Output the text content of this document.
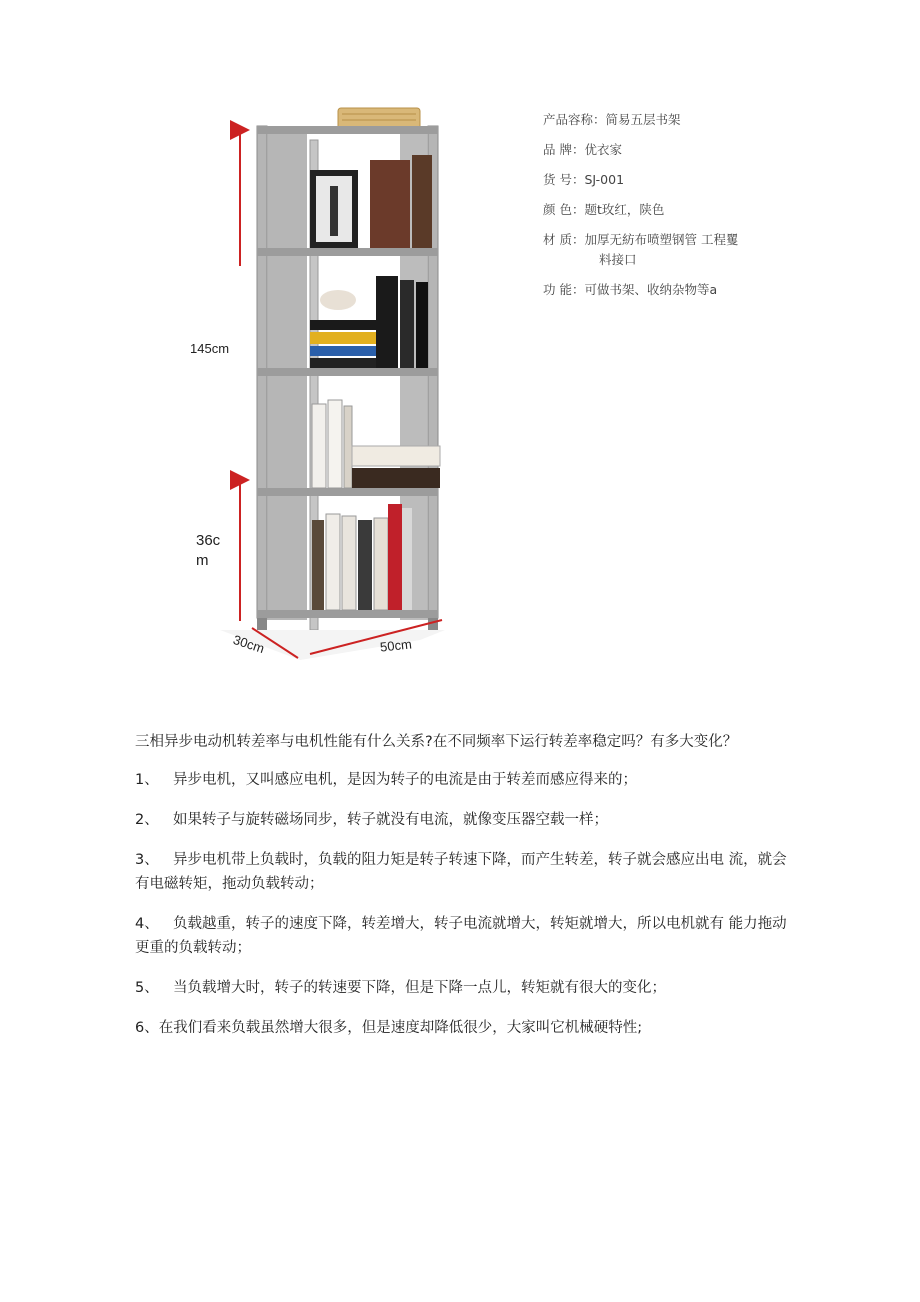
145cm
36c
m
30cm	50cm
产品容称：简易五层书架
品 牌：优衣家
货 号：SJ-001
颜 色：题t玫红，陕色
材 质：加厚无紡布喷塑钢管 工程矍
料接口
功 能：可做书架、收纳杂物等a

三相异步电动机转差率与电机性能有什么关系?在不同频率下运行转差率稳定吗？有多大变化？

1、 异步电机，又叫感应电机，是因为转子的电流是由于转差而感应得来的；

2、 如果转子与旋转磁场同步，转子就没有电流，就像变压器空载一样；

3、 异步电机带上负载时，负载的阻力矩是转子转速下降，而产生转差，转子就会感应出电 流，就会有电磁转矩，拖动负载转动；

4、 负载越重，转子的速度下降，转差增大，转子电流就增大，转矩就增大，所以电机就有 能力拖动更重的负载转动；

5、 当负载增大时，转子的转速要下降，但是下降一点儿，转矩就有很大的变化；

6、在我们看来负载虽然增大很多，但是速度却降低很少，大家叫它机械硬特性;
